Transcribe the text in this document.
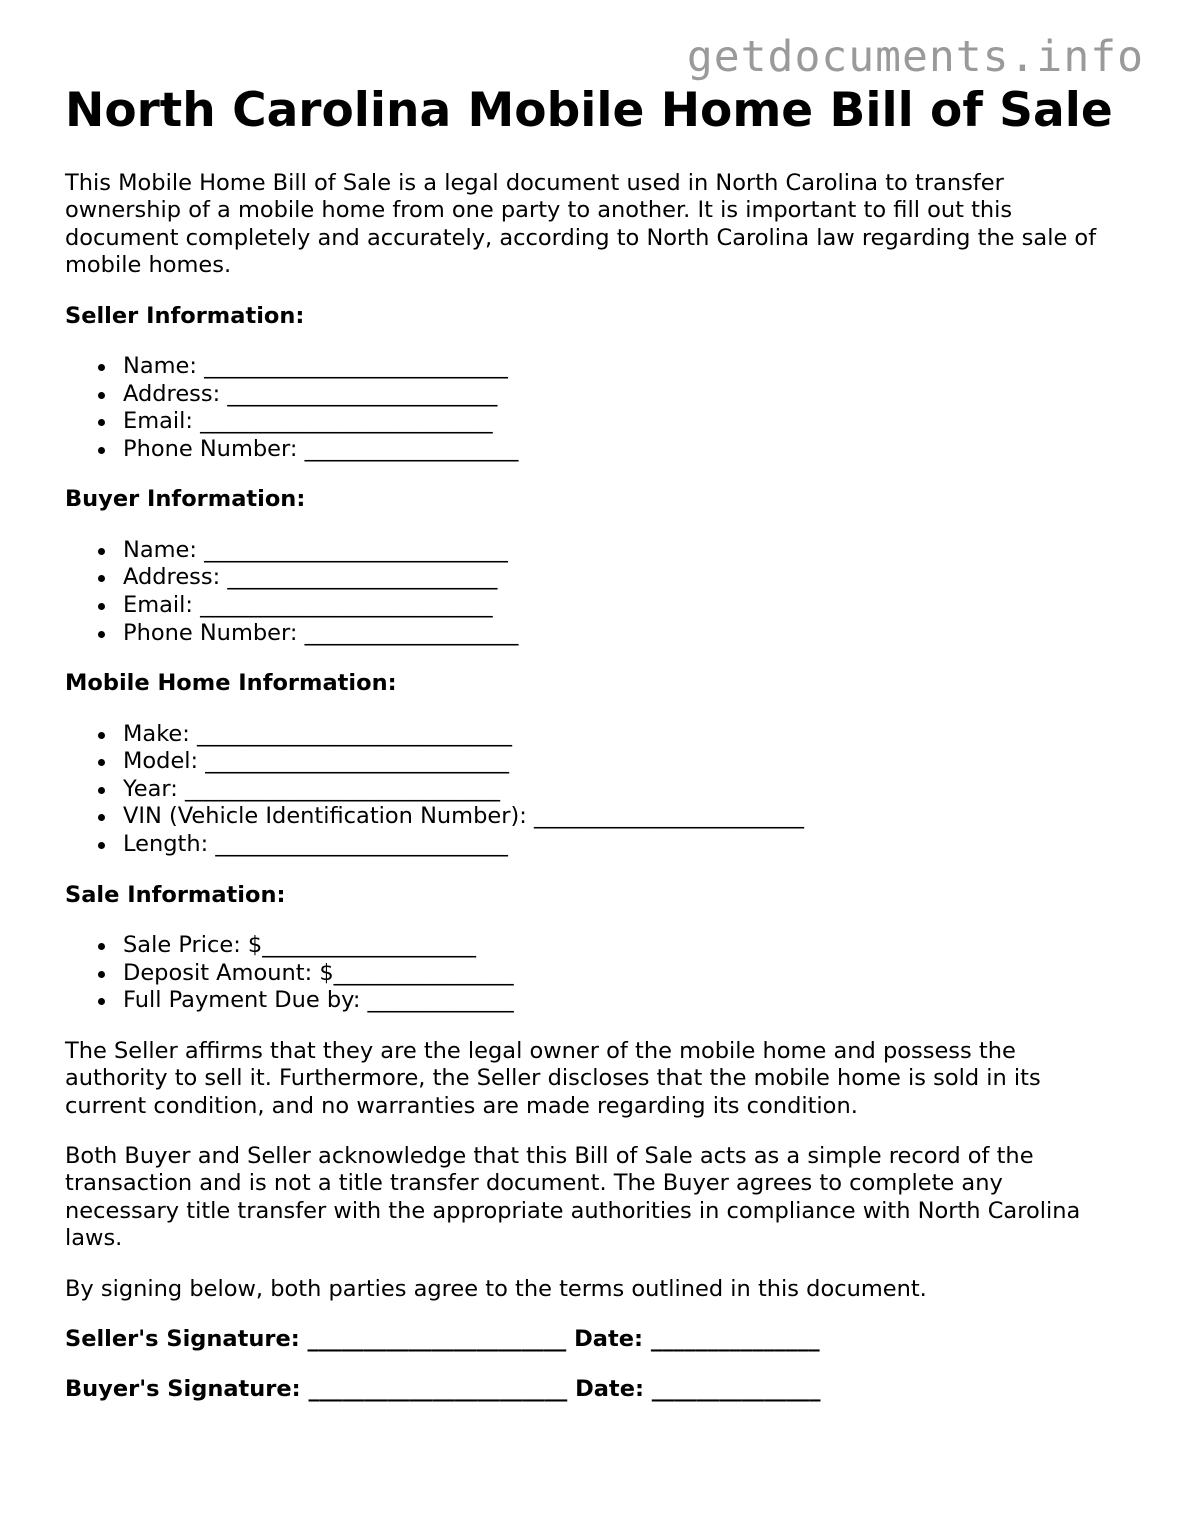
getdocuments.info
North Carolina Mobile Home Bill of Sale

This Mobile Home Bill of Sale is a legal document used in North Carolina to transfer ownership of a mobile home from one party to another. It is important to fill out this document completely and accurately, according to North Carolina law regarding the sale of mobile homes.

Seller Information:

Name: ___________________________
Address: ________________________
Email: __________________________
Phone Number: ___________________

Buyer Information:

Name: ___________________________
Address: ________________________
Email: __________________________
Phone Number: ___________________

Mobile Home Information:

Make: ____________________________
Model: ___________________________
Year: ____________________________
VIN (Vehicle Identification Number): ________________________
Length: __________________________

Sale Information:

Sale Price: $___________________
Deposit Amount: $________________
Full Payment Due by: _____________

The Seller affirms that they are the legal owner of the mobile home and possess the authority to sell it. Furthermore, the Seller discloses that the mobile home is sold in its current condition, and no warranties are made regarding its condition.

Both Buyer and Seller acknowledge that this Bill of Sale acts as a simple record of the transaction and is not a title transfer document. The Buyer agrees to complete any necessary title transfer with the appropriate authorities in compliance with North Carolina laws.

By signing below, both parties agree to the terms outlined in this document.

Seller's Signature: _______________________ Date: _______________

Buyer's Signature: _______________________ Date: _______________
